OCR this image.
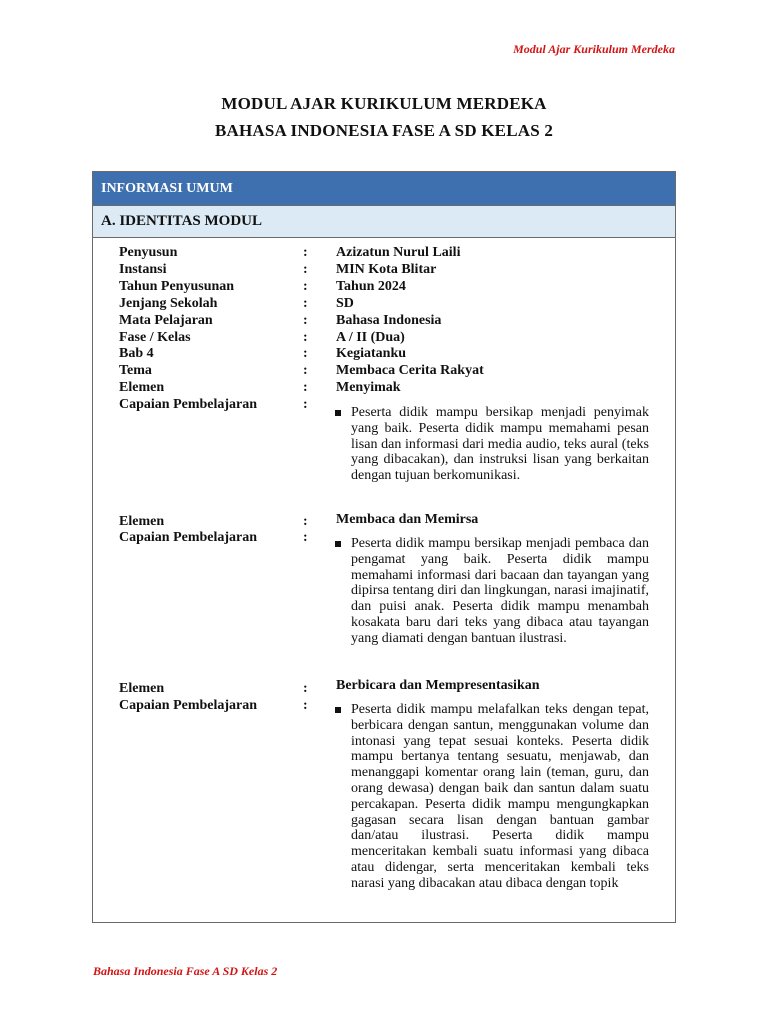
Modul Ajar Kurikulum Merdeka
MODUL AJAR KURIKULUM MERDEKA
BAHASA INDONESIA FASE A SD KELAS 2
INFORMASI UMUM
A. IDENTITAS MODUL
Penyusun	: Azizatun Nurul Laili
Instansi	: MIN Kota Blitar
Tahun Penyusunan	: Tahun 2024
Jenjang Sekolah	: SD
Mata Pelajaran	: Bahasa Indonesia
Fase / Kelas	: A / II (Dua)
Bab 4	: Kegiatanku
Tema	: Membaca Cerita Rakyat
Elemen	: Menyimak
Capaian Pembelajaran	:
Peserta didik mampu bersikap menjadi penyimak yang baik. Peserta didik mampu memahami pesan lisan dan informasi dari media audio, teks aural (teks yang dibacakan), dan instruksi lisan yang berkaitan dengan tujuan berkomunikasi.
Elemen	: Membaca dan Memirsa
Capaian Pembelajaran	:	Peserta didik mampu bersikap menjadi pembaca dan pengamat yang baik. Peserta didik mampu memahami informasi dari bacaan dan tayangan yang dipirsa tentang diri dan lingkungan, narasi imajinatif, dan puisi anak. Peserta didik mampu menambah kosakata baru dari teks yang dibaca atau tayangan yang diamati dengan bantuan ilustrasi.
Elemen	: Berbicara dan Mempresentasikan
Capaian Pembelajaran	:	Peserta didik mampu melafalkan teks dengan tepat, berbicara dengan santun, menggunakan volume dan intonasi yang tepat sesuai konteks. Peserta didik mampu bertanya tentang sesuatu, menjawab, dan menanggapi komentar orang lain (teman, guru, dan orang dewasa) dengan baik dan santun dalam suatu percakapan. Peserta didik mampu mengungkapkan gagasan secara lisan dengan bantuan gambar dan/atau ilustrasi. Peserta didik mampu menceritakan kembali suatu informasi yang dibaca atau didengar, serta menceritakan kembali teks narasi yang dibacakan atau dibaca dengan topik
Bahasa Indonesia Fase A SD Kelas 2
